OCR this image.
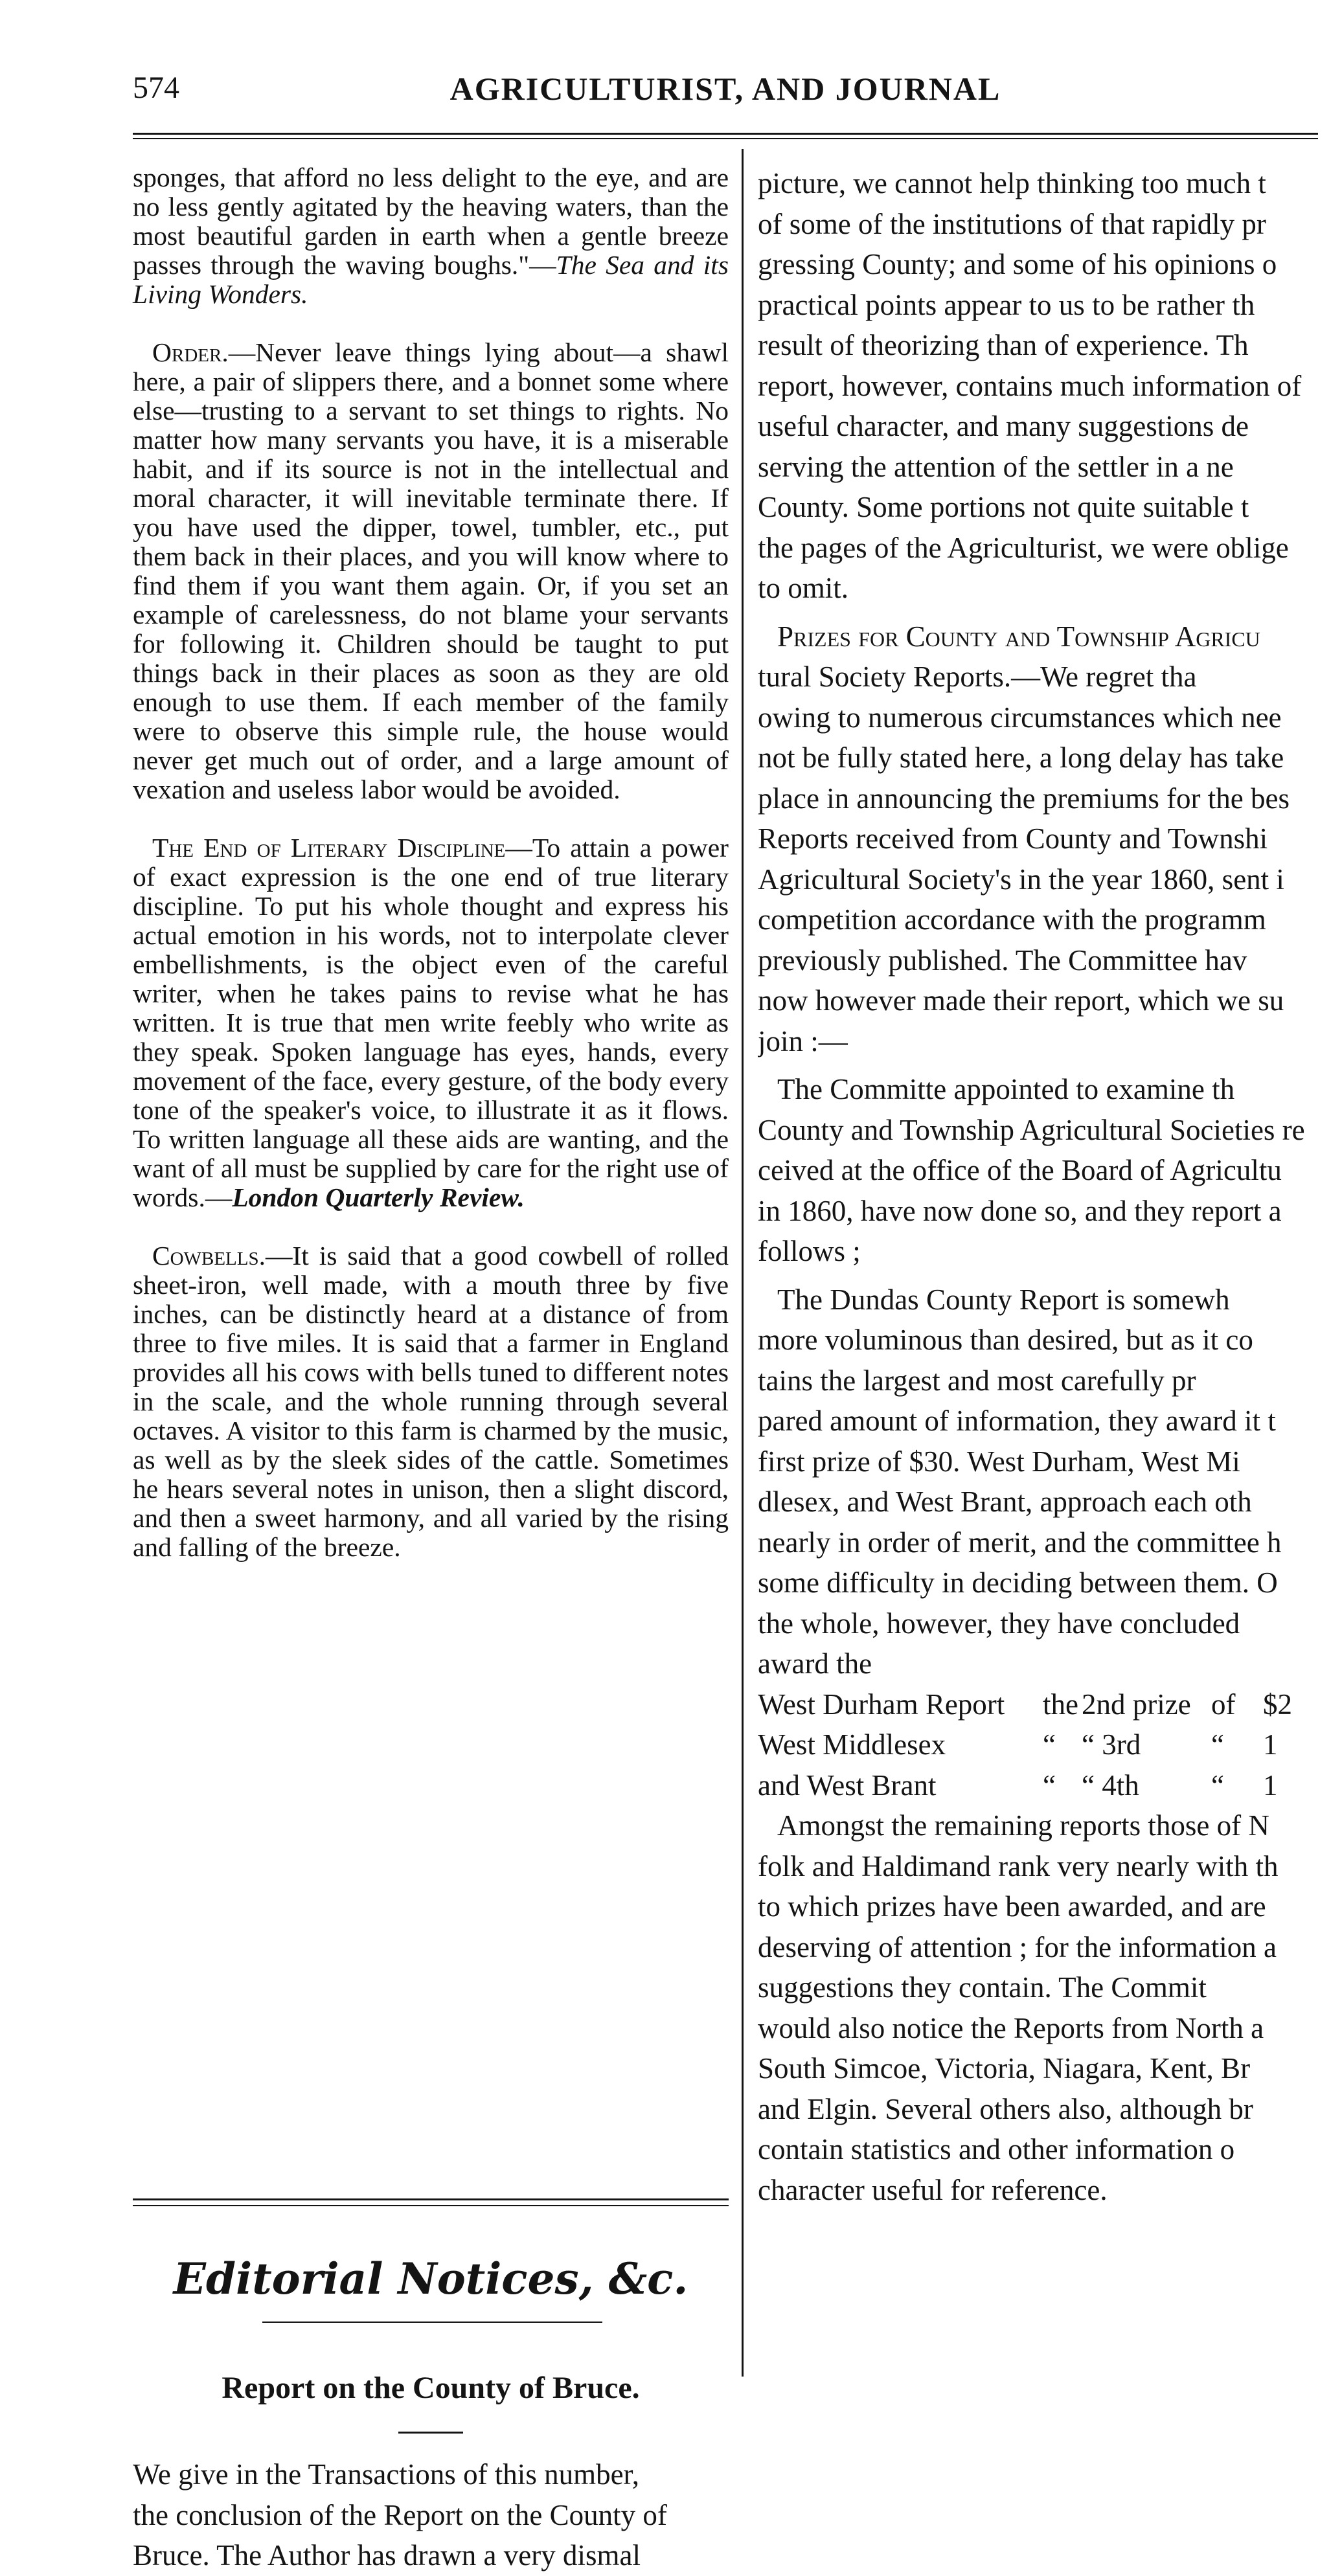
574	AGRICULTURIST, AND JOURNAL

sponges, that afford no less delight to the eye, and are no less gently agitated by the heaving waters, than the most beautiful garden in earth when a gentle breeze passes through the waving boughs."—The Sea and its Living Wonders.

Order.—Never leave things lying about—a shawl here, a pair of slippers there, and a bonnet some where else—trusting to a servant to set things to rights. No matter how many servants you have, it is a miserable habit, and if its source is not in the intellectual and moral character, it will inevitable terminate there. If you have used the dipper, towel, tumbler, etc., put them back in their places, and you will know where to find them if you want them again. Or, if you set an example of carelessness, do not blame your servants for following it. Children should be taught to put things back in their places as soon as they are old enough to use them. If each member of the family were to observe this simple rule, the house would never get much out of order, and a large amount of vexation and useless labor would be avoided.

The End of Literary Discipline—To attain a power of exact expression is the one end of true literary discipline. To put his whole thought and express his actual emotion in his words, not to interpolate clever embellishments, is the object even of the careful writer, when he takes pains to revise what he has written. It is true that men write feebly who write as they speak. Spoken language has eyes, hands, every movement of the face, every gesture, of the body every tone of the speaker's voice, to illustrate it as it flows. To written language all these aids are wanting, and the want of all must be supplied by care for the right use of words.—London Quarterly Review.

Cowbells.—It is said that a good cowbell of rolled sheet-iron, well made, with a mouth three by five inches, can be distinctly heard at a distance of from three to five miles. It is said that a farmer in England provides all his cows with bells tuned to different notes in the scale, and the whole running through several octaves. A visitor to this farm is charmed by the music, as well as by the sleek sides of the cattle. Sometimes he hears several notes in unison, then a slight discord, and then a sweet harmony, and all varied by the rising and falling of the breeze.

Editorial Notices, &c.
Report on the County of Bruce.
We give in the Transactions of this number,
the conclusion of the Report on the County of
Bruce. The Author has drawn a very dismal
picture, we cannot help thinking too much t
of some of the institutions of that rapidly pr
gressing County; and some of his opinions o
practical points appear to us to be rather th
result of theorizing than of experience. Th
report, however, contains much information of
useful character, and many suggestions de
serving the attention of the settler in a ne
County. Some portions not quite suitable t
the pages of the Agriculturist, we were oblige
to omit.
Prizes for County and Township Agricu
tural Society Reports.—We regret tha
owing to numerous circumstances which nee
not be fully stated here, a long delay has take
place in announcing the premiums for the bes
Reports received from County and Townshi
Agricultural Society's in the year 1860, sent i
competition accordance with the programm
previously published. The Committee hav
now however made their report, which we su
join :—
The Committe appointed to examine th
County and Township Agricultural Societies re
ceived at the office of the Board of Agricultu
in 1860, have now done so, and they report a
follows ;
The Dundas County Report is somewh
more voluminous than desired, but as it co
tains the largest and most carefully pr
pared amount of information, they award it t
first prize of $30. West Durham, West Mi
dlesex, and West Brant, approach each oth
nearly in order of merit, and the committee h
some difficulty in deciding between them. O
the whole, however, they have concluded
award the
West Durham Report	the	2nd prize	of	$2
West Middlesex	“	“ 3rd	“	1
and West Brant	“	“ 4th	“	1
Amongst the remaining reports those of N
folk and Haldimand rank very nearly with th
to which prizes have been awarded, and are
deserving of attention ; for the information a
suggestions they contain. The Commit
would also notice the Reports from North a
South Simcoe, Victoria, Niagara, Kent, Br
and Elgin. Several others also, although br
contain statistics and other information o
character useful for reference.
